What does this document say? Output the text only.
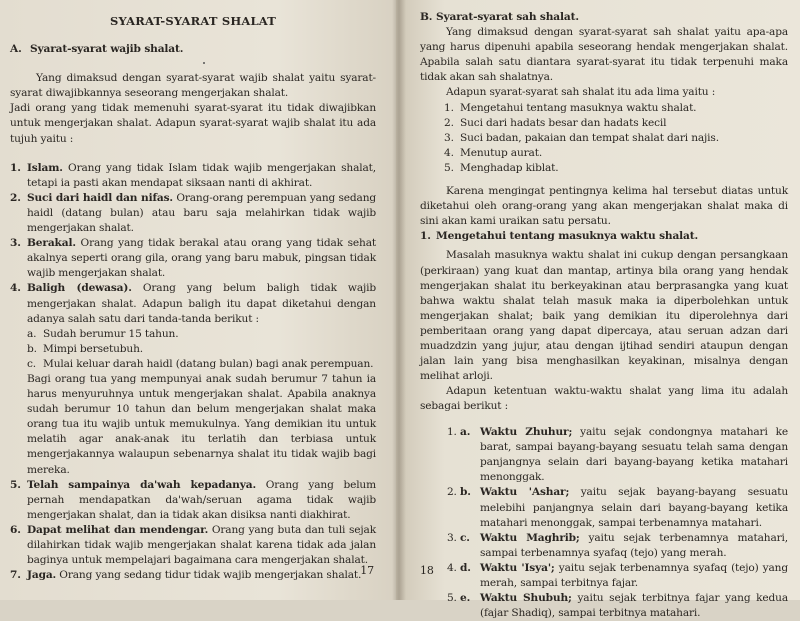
SYARAT-SYARAT SHALAT
A. Syarat-syarat wajib shalat.

Yang dimaksud dengan syarat-syarat wajib shalat yaitu syarat-syarat diwajibkannya seseorang mengerjakan shalat.

Jadi orang yang tidak memenuhi syarat-syarat itu tidak diwajibkan untuk mengerjakan shalat. Adapun syarat-syarat wajib shalat itu ada tujuh yaitu :

1. Islam. Orang yang tidak Islam tidak wajib mengerjakan shalat, tetapi ia pasti akan mendapat siksaan nanti di akhirat.
2. Suci dari haidl dan nifas. Orang-orang perempuan yang sedang haidl (datang bulan) atau baru saja melahirkan tidak wajib mengerjakan shalat.
3. Berakal. Orang yang tidak berakal atau orang yang tidak sehat akalnya seperti orang gila, orang yang baru mabuk, pingsan tidak wajib mengerjakan shalat.
4. Baligh (dewasa). Orang yang belum baligh tidak wajib mengerjakan shalat. Adapun baligh itu dapat diketahui dengan adanya salah satu dari tanda-tanda berikut :
a. Sudah berumur 15 tahun.
b. Mimpi bersetubuh.
c. Mulai keluar darah haidl (datang bulan) bagi anak perempuan.

Bagi orang tua yang mempunyai anak sudah berumur 7 tahun ia harus menyuruhnya untuk mengerjakan shalat. Apabila anaknya sudah berumur 10 tahun dan belum mengerjakan shalat maka orang tua itu wajib untuk memukulnya. Yang demikian itu untuk melatih agar anak-anak itu terlatih dan terbiasa untuk mengerjakannya walaupun sebenarnya shalat itu tidak wajib bagi mereka.

5. Telah sampainya da'wah kepadanya. Orang yang belum pernah mendapatkan da'wah/seruan agama tidak wajib mengerjakan shalat, dan ia tidak akan disiksa nanti diakhirat.
6. Dapat melihat dan mendengar. Orang yang buta dan tuli sejak dilahirkan tidak wajib mengerjakan shalat karena tidak ada jalan baginya untuk mempelajari bagaimana cara mengerjakan shalat.
7. Jaga. Orang yang sedang tidur tidak wajib mengerjakan shalat. 17
B. Syarat-syarat sah shalat.

Yang dimaksud dengan syarat-syarat sah shalat yaitu apa-apa yang harus dipenuhi apabila seseorang hendak mengerjakan shalat. Apabila salah satu diantara syarat-syarat itu tidak terpenuhi maka tidak akan sah shalatnya.

Adapun syarat-syarat sah shalat itu ada lima yaitu :

1. Mengetahui tentang masuknya waktu shalat.
2. Suci dari hadats besar dan hadats kecil
3. Suci badan, pakaian dan tempat shalat dari najis.
4. Menutup aurat.
5. Menghadap kiblat.

Karena mengingat pentingnya kelima hal tersebut diatas untuk diketahui oleh orang-orang yang akan mengerjakan shalat maka di sini akan kami uraikan satu persatu.

1. Mengetahui tentang masuknya waktu shalat.

Masalah masuknya waktu shalat ini cukup dengan persangkaan (perkiraan) yang kuat dan mantap, artinya bila orang yang hendak mengerjakan shalat itu berkeyakinan atau berprasangka yang kuat bahwa waktu shalat telah masuk maka ia diperbolehkan untuk mengerjakan shalat; baik yang demikian itu diperolehnya dari pemberitaan orang yang dapat dipercaya, atau seruan adzan dari muadzdzin yang jujur, atau dengan ijtihad sendiri ataupun dengan jalan lain yang bisa menghasilkan keyakinan, misalnya dengan melihat arloji.

Adapun ketentuan waktu-waktu shalat yang lima itu adalah sebagai berikut :

1. a. Waktu Zhuhur; yaitu sejak condongnya matahari ke barat, sampai bayang-bayang sesuatu telah sama dengan panjangnya selain dari bayang-bayang ketika matahari menonggak.
2. b. Waktu 'Ashar; yaitu sejak bayang-bayang sesuatu melebihi panjangnya selain dari bayang-bayang ketika matahari menonggak, sampai terbenamnya matahari.
3. c. Waktu Maghrib; yaitu sejak terbenamnya matahari, sampai terbenamnya syafaq (tejo) yang merah.
4. d. Waktu 'Isya'; yaitu sejak terbenamnya syafaq (tejo) yang merah, sampai terbitnya fajar.
5. e. Waktu Shubuh; yaitu sejak terbitnya fajar yang kedua (fajar Shadiq), sampai terbitnya matahari.
18
